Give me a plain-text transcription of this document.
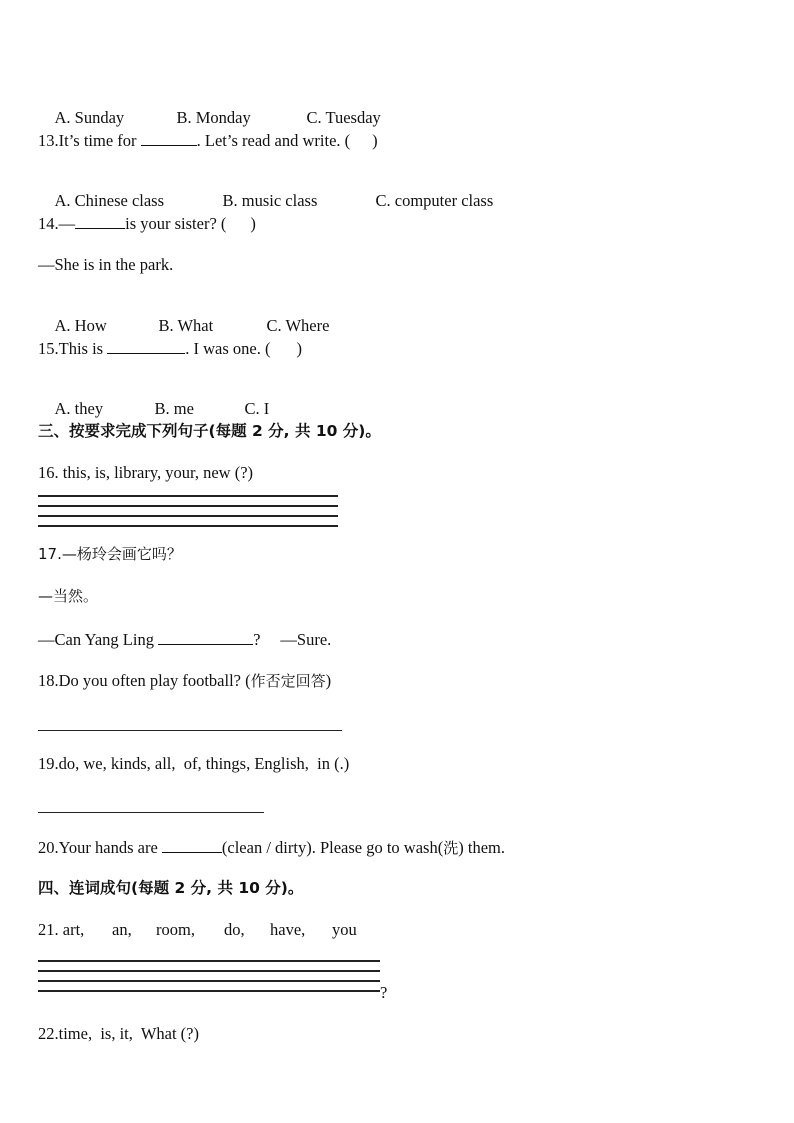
A. Sunday	B. Monday	C. Tuesday

13.It’s time for	. Let’s read and write. ( )

A. Chinese class	B. music class	C. computer class

14.—	is your sister? ( )
—She is in the park.

A. How	B. What	C. Where

15.This is	. I was one. ( )

A. they	B. me	C. I

三、按要求完成下列句子(每题 2 分, 共 10 分)。
16. this, is, library, your, new (?)
17.—杨玲会画它吗？
—当然。
—Can Yang Ling	? —Sure.
18.Do you often play football? (作否定回答)
19.do, we, kinds, all,  of, things, English,  in (.)
20.Your hands are	(clean / dirty). Please go to wash(洗) them.
四、连词成句(每题 2 分, 共 10 分)。
21. art, an, room, do, have, you
?
22.time,  is, it,  What (?)
